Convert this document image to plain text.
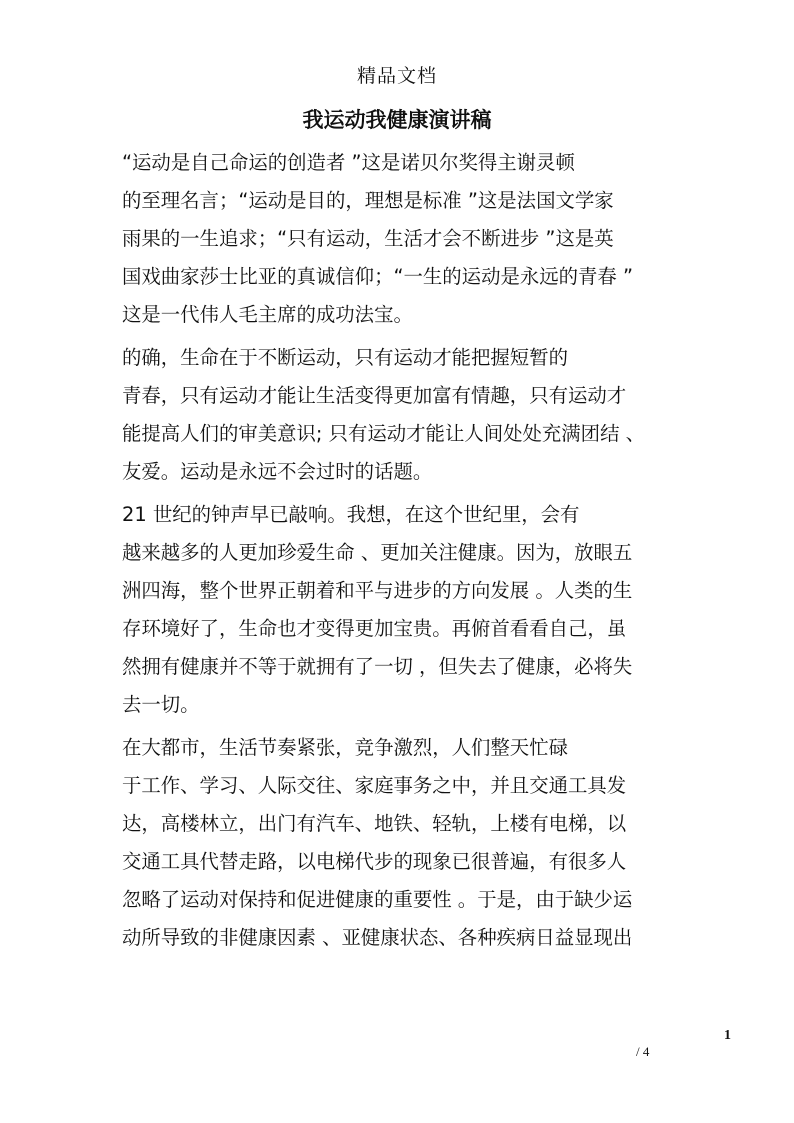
精品文档
我运动我健康演讲稿
“运动是自己命运的创造者 ”这是诺贝尔奖得主谢灵顿
的至理名言；“运动是目的，理想是标准 ”这是法国文学家
雨果的一生追求；“只有运动，生活才会不断进步 ”这是英
国戏曲家莎士比亚的真诚信仰；“一生的运动是永远的青春 ”
这是一代伟人毛主席的成功法宝。
的确，生命在于不断运动，只有运动才能把握短暂的
青春，只有运动才能让生活变得更加富有情趣，只有运动才
能提高人们的审美意识; 只有运动才能让人间处处充满团结 、
友爱。运动是永远不会过时的话题。
21 世纪的钟声早已敲响。我想，在这个世纪里，会有
越来越多的人更加珍爱生命 、更加关注健康。因为，放眼五
洲四海，整个世界正朝着和平与进步的方向发展 。人类的生
存环境好了，生命也才变得更加宝贵。再俯首看看自己，虽
然拥有健康并不等于就拥有了一切 ，但失去了健康，必将失
去一切。
在大都市，生活节奏紧张，竞争激烈，人们整天忙碌
于工作、学习、人际交往、家庭事务之中，并且交通工具发
达，高楼林立，出门有汽车、地铁、轻轨，上楼有电梯，以
交通工具代替走路，以电梯代步的现象已很普遍，有很多人
忽略了运动对保持和促进健康的重要性 。于是，由于缺少运
动所导致的非健康因素 、亚健康状态、各种疾病日益显现出
1
/ 4
